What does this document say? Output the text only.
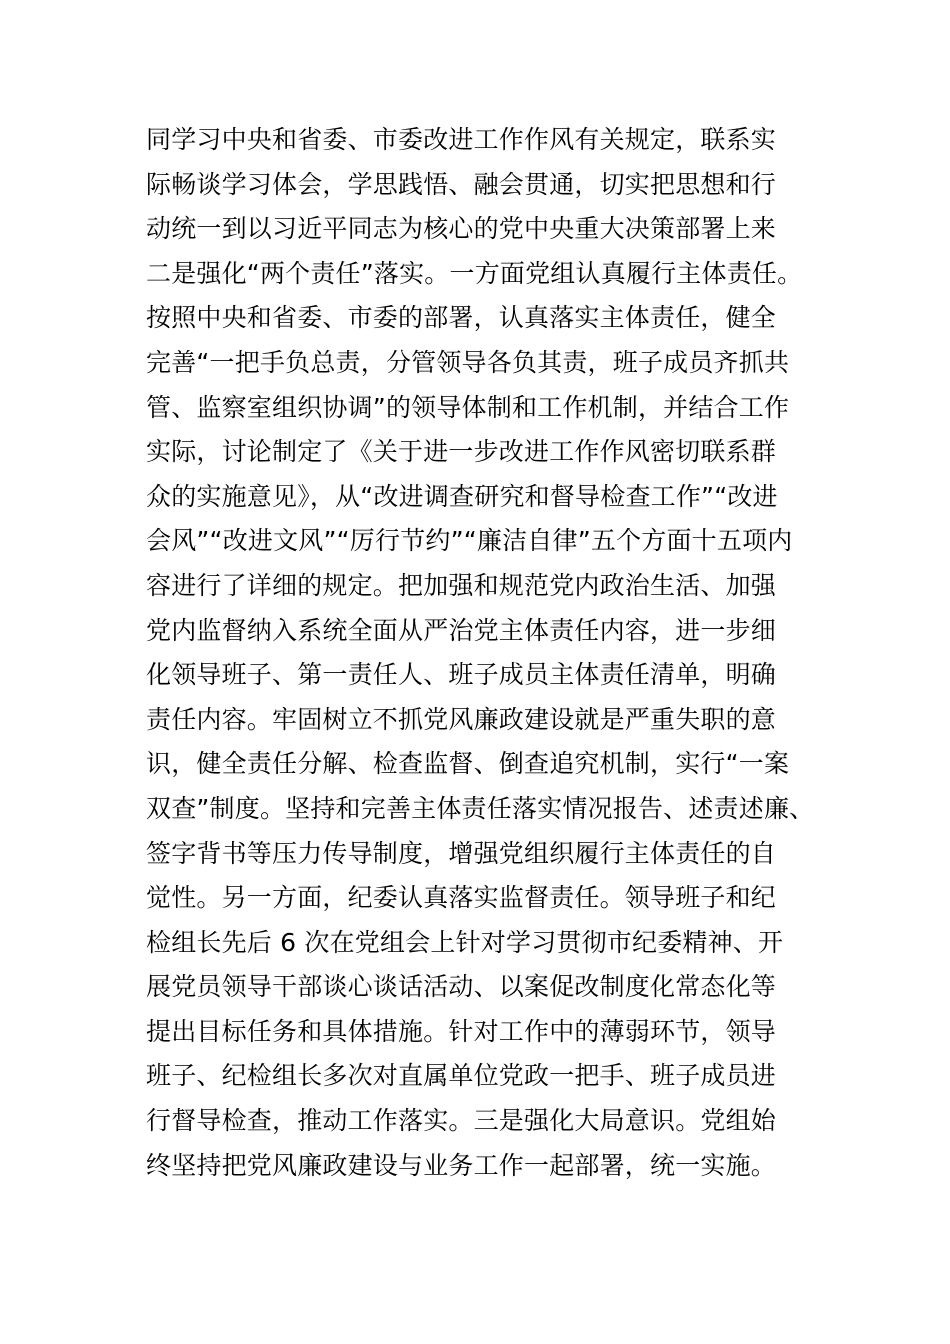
同学习中央和省委、市委改进工作作风有关规定，联系实
际畅谈学习体会，学思践悟、融会贯通，切实把思想和行
动统一到以习近平同志为核心的党中央重大决策部署上来
二是强化“两个责任”落实。一方面党组认真履行主体责任。
按照中央和省委、市委的部署，认真落实主体责任，健全
完善“一把手负总责，分管领导各负其责，班子成员齐抓共
管、监察室组织协调”的领导体制和工作机制，并结合工作
实际，讨论制定了《关于进一步改进工作作风密切联系群
众的实施意见》，从“改进调查研究和督导检查工作”“改进
会风”“改进文风”“厉行节约”“廉洁自律”五个方面十五项内
容进行了详细的规定。把加强和规范党内政治生活、加强
党内监督纳入系统全面从严治党主体责任内容，进一步细
化领导班子、第一责任人、班子成员主体责任清单，明确
责任内容。牢固树立不抓党风廉政建设就是严重失职的意
识，健全责任分解、检查监督、倒查追究机制，实行“一案
双查”制度。坚持和完善主体责任落实情况报告、述责述廉、
签字背书等压力传导制度，增强党组织履行主体责任的自
觉性。另一方面，纪委认真落实监督责任。领导班子和纪
检组长先后 6 次在党组会上针对学习贯彻市纪委精神、开
展党员领导干部谈心谈话活动、以案促改制度化常态化等
提出目标任务和具体措施。针对工作中的薄弱环节，领导
班子、纪检组长多次对直属单位党政一把手、班子成员进
行督导检查，推动工作落实。三是强化大局意识。党组始
终坚持把党风廉政建设与业务工作一起部署，统一实施。
